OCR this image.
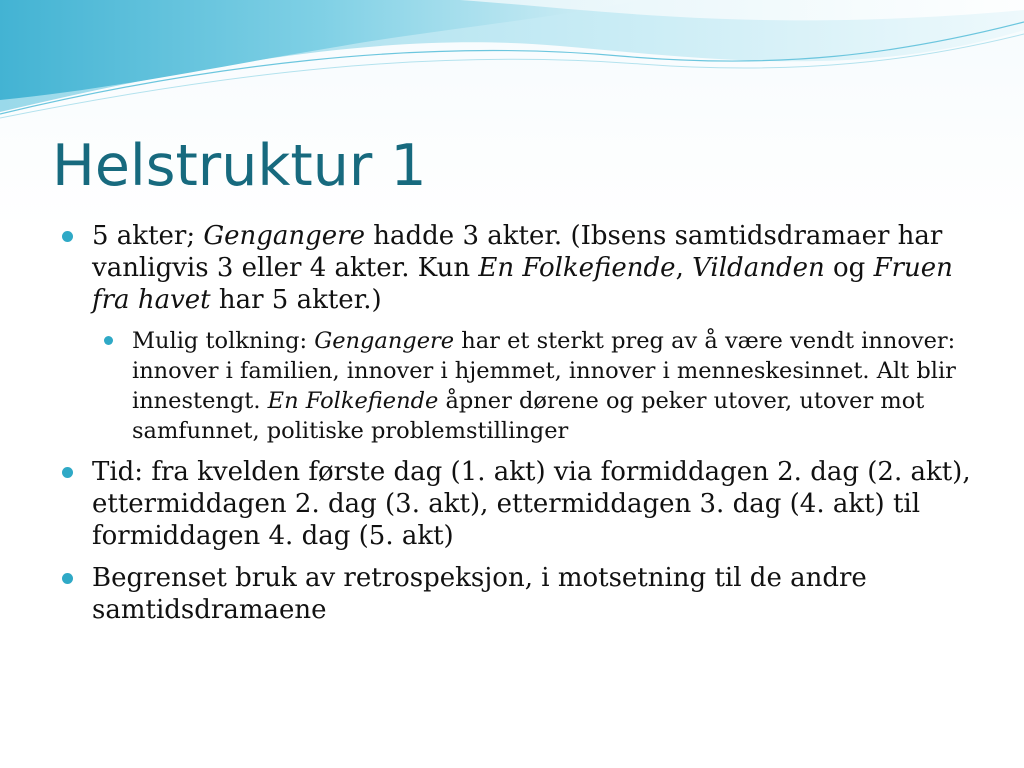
Helstruktur 1
5 akter; Gengangere hadde 3 akter. (Ibsens samtidsdramaer har vanligvis 3 eller 4 akter. Kun En Folkefiende, Vildanden og Fruen fra havet har 5 akter.)
Mulig tolkning: Gengangere har et sterkt preg av å være vendt innover: innover i familien, innover i hjemmet, innover i menneskesinnet. Alt blir innestengt. En Folkefiende åpner dørene og peker utover, utover mot samfunnet, politiske problemstillinger
Tid: fra kvelden første dag (1. akt) via formiddagen 2. dag (2. akt), ettermiddagen 2. dag (3. akt), ettermiddagen 3. dag (4. akt) til formiddagen 4. dag (5. akt)
Begrenset bruk av retrospeksjon, i motsetning til de andre samtidsdramaene
